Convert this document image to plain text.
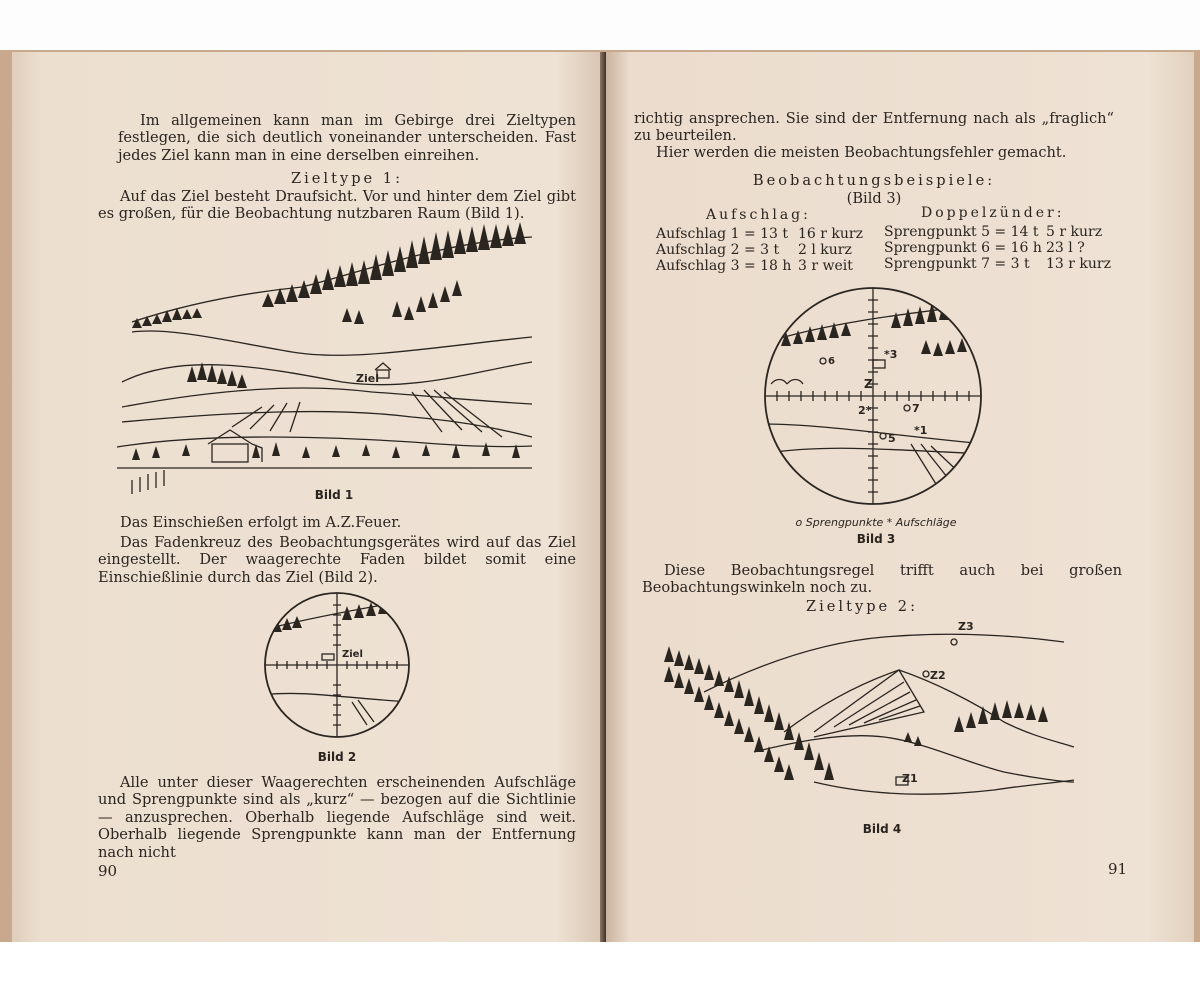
Im allgemeinen kann man im Gebirge drei Zieltypen festlegen, die sich deutlich voneinander unterscheiden. Fast jedes Ziel kann man in eine derselben einreihen.

Zieltype 1:

Auf das Ziel besteht Draufsicht. Vor und hinter dem Ziel gibt es großen, für die Beobachtung nutzbaren Raum (Bild 1).

Ziel
Bild 1

Das Einschießen erfolgt im A.Z.Feuer.

Das Fadenkreuz des Beobachtungsgerätes wird auf das Ziel eingestellt. Der waagerechte Faden bildet somit eine Einschießlinie durch das Ziel (Bild 2).

Ziel
Bild 2

Alle unter dieser Waagerechten erscheinenden Aufschläge und Sprengpunkte sind als „kurz“ — bezogen auf die Sichtlinie — anzusprechen. Oberhalb liegende Aufschläge sind weit. Oberhalb liegende Sprengpunkte kann man der Entfernung nach nicht

90

richtig ansprechen. Sie sind der Entfernung nach als „fraglich“ zu beurteilen.

Hier werden die meisten Beobachtungsfehler gemacht.

Beobachtungsbeispiele:
(Bild 3)
Aufschlag:	Doppelzünder:
Aufschlag 1 = 13 t 16 r kurz
Aufschlag 2 = 3 t 2 l kurz
Aufschlag 3 = 18 h 3 r weit
Sprengpunkt 5 = 14 t 5 r kurz
Sprengpunkt 6 = 16 h 23 l ?
Sprengpunkt 7 = 3 t 13 r kurz
Z
*1
2*
*3
5
6
7
o Sprengpunkte * Aufschläge
Bild 3

Diese Beobachtungsregel trifft auch bei großen Beobachtungswinkeln noch zu.

Zieltype 2:
Z3
Z2
Z1
Bild 4
91
